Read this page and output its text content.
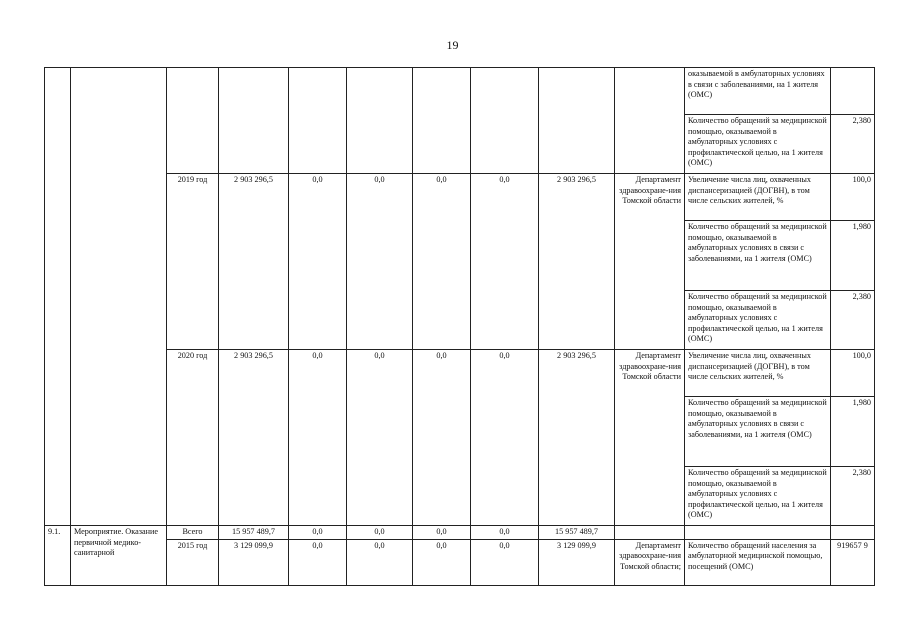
19
										оказываемой в амбулаторных условиях в связи с заболеваниями, на 1 жителя (ОМС)	
										Количество обращений за медицинской помощью, оказываемой в амбулаторных условиях с профилактической целью, на 1 жителя (ОМС)	2,380
		2019 год	2 903 296,5	0,0	0,0	0,0	0,0	2 903 296,5	Департамент здравоохране-ния Томской области	Увеличение числа лиц, охваченных диспансеризацией (ДОГВН), в том числе сельских жителей, %	100,0
										Количество обращений за медицинской помощью, оказываемой в амбулаторных условиях в связи с заболеваниями, на 1 жителя (ОМС)	1,980
										Количество обращений за медицинской помощью, оказываемой в амбулаторных условиях с профилактической целью, на 1 жителя (ОМС)	2,380
		2020 год	2 903 296,5	0,0	0,0	0,0	0,0	2 903 296,5	Департамент здравоохране-ния Томской области	Увеличение числа лиц, охваченных диспансеризацией (ДОГВН), в том числе сельских жителей, %	100,0
										Количество обращений за медицинской помощью, оказываемой в амбулаторных условиях в связи с заболеваниями, на 1 жителя (ОМС)	1,980
										Количество обращений за медицинской помощью, оказываемой в амбулаторных условиях с профилактической целью, на 1 жителя (ОМС)	2,380
9.1.	Мероприятие. Оказание первичной медико-санитарной	Всего	15 957 489,7	0,0	0,0	0,0	0,0	15 957 489,7			
		2015 год	3 129 099,9	0,0	0,0	0,0	0,0	3 129 099,9	Департамент здравоохране-ния Томской области;	Количество обращений населения за амбулаторной медицинской помощью, посещений (ОМС)	919657 9
